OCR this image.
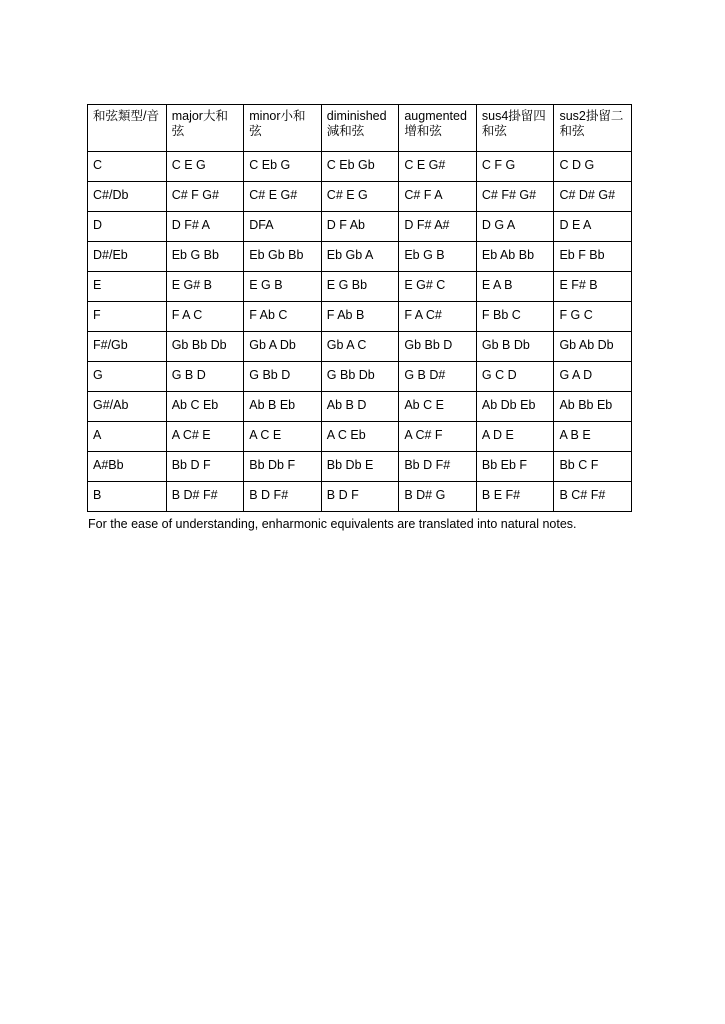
和弦類型/音	major大和弦	minor小和弦	diminished減和弦	augmented增和弦	sus4掛留四和弦	sus2掛留二和弦
C	C E G	C Eb G	C Eb Gb	C E G#	C F G	C D G
C#/Db	C# F G#	C# E G#	C# E G	C# F A	C# F# G#	C# D# G#
D	D F# A	DFA	D F Ab	D F# A#	D G A	D E A
D#/Eb	Eb G Bb	Eb Gb Bb	Eb Gb A	Eb G B	Eb Ab Bb	Eb F Bb
E	E G# B	E G B	E G Bb	E G# C	E A B	E F# B
F	F A C	F Ab C	F Ab B	F A C#	F Bb C	F G C
F#/Gb	Gb Bb Db	Gb A Db	Gb A C	Gb Bb D	Gb B Db	Gb Ab Db
G	G B D	G Bb D	G Bb Db	G B D#	G C D	G A D
G#/Ab	Ab C Eb	Ab B Eb	Ab B D	Ab C E	Ab Db Eb	Ab Bb Eb
A	A C# E	A C E	A C Eb	A C# F	A D E	A B E
A#Bb	Bb D F	Bb Db F	Bb Db E	Bb D F#	Bb Eb F	Bb C F
B	B D# F#	B D F#	B D F	B D# G	B E F#	B C# F#
For the ease of understanding, enharmonic equivalents are translated into natural notes.
